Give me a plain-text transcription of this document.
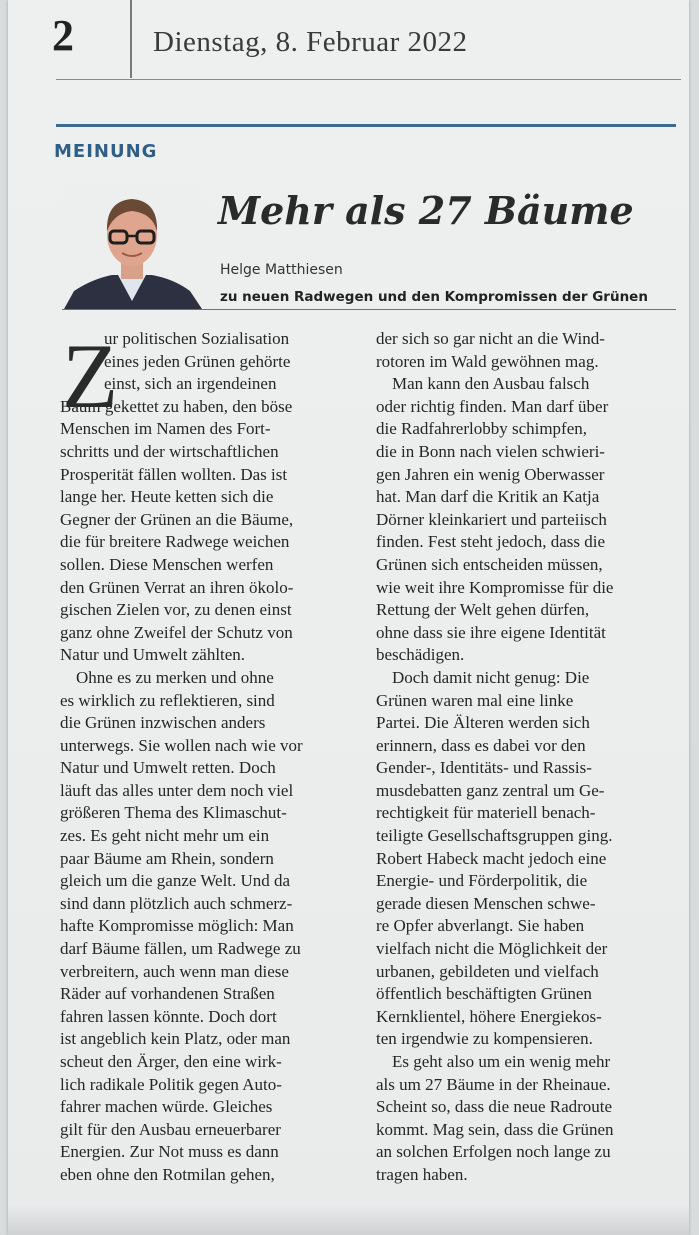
2	Dienstag, 8. Februar 2022
MEINUNG
Mehr als 27 Bäume
Helge Matthiesen
zu neuen Radwegen und den Kompromissen der Grünen
Z
ur politischen Sozialisation
eines jeden Grünen gehörte
einst, sich an irgendeinen
Baum gekettet zu haben, den böse
Menschen im Namen des Fort-
schritts und der wirtschaftlichen
Prosperität fällen wollten. Das ist
lange her. Heute ketten sich die
Gegner der Grünen an die Bäume,
die für breitere Radwege weichen
sollen. Diese Menschen werfen
den Grünen Verrat an ihren ökolo-
gischen Zielen vor, zu denen einst
ganz ohne Zweifel der Schutz von
Natur und Umwelt zählten.
Ohne es zu merken und ohne
es wirklich zu reflektieren, sind
die Grünen inzwischen anders
unterwegs. Sie wollen nach wie vor
Natur und Umwelt retten. Doch
läuft das alles unter dem noch viel
größeren Thema des Klimaschut-
zes. Es geht nicht mehr um ein
paar Bäume am Rhein, sondern
gleich um die ganze Welt. Und da
sind dann plötzlich auch schmerz-
hafte Kompromisse möglich: Man
darf Bäume fällen, um Radwege zu
verbreitern, auch wenn man diese
Räder auf vorhandenen Straßen
fahren lassen könnte. Doch dort
ist angeblich kein Platz, oder man
scheut den Ärger, den eine wirk-
lich radikale Politik gegen Auto-
fahrer machen würde. Gleiches
gilt für den Ausbau erneuerbarer
Energien. Zur Not muss es dann
eben ohne den Rotmilan gehen,
der sich so gar nicht an die Wind-
rotoren im Wald gewöhnen mag.
Man kann den Ausbau falsch
oder richtig finden. Man darf über
die Radfahrerlobby schimpfen,
die in Bonn nach vielen schwieri-
gen Jahren ein wenig Oberwasser
hat. Man darf die Kritik an Katja
Dörner kleinkariert und parteiisch
finden. Fest steht jedoch, dass die
Grünen sich entscheiden müssen,
wie weit ihre Kompromisse für die
Rettung der Welt gehen dürfen,
ohne dass sie ihre eigene Identität
beschädigen.
Doch damit nicht genug: Die
Grünen waren mal eine linke
Partei. Die Älteren werden sich
erinnern, dass es dabei vor den
Gender-, Identitäts- und Rassis-
musdebatten ganz zentral um Ge-
rechtigkeit für materiell benach-
teiligte Gesellschaftsgruppen ging.
Robert Habeck macht jedoch eine
Energie- und Förderpolitik, die
gerade diesen Menschen schwe-
re Opfer abverlangt. Sie haben
vielfach nicht die Möglichkeit der
urbanen, gebildeten und vielfach
öffentlich beschäftigten Grünen
Kernklientel, höhere Energiekos-
ten irgendwie zu kompensieren.
Es geht also um ein wenig mehr
als um 27 Bäume in der Rheinaue.
Scheint so, dass die neue Radroute
kommt. Mag sein, dass die Grünen
an solchen Erfolgen noch lange zu
tragen haben.
